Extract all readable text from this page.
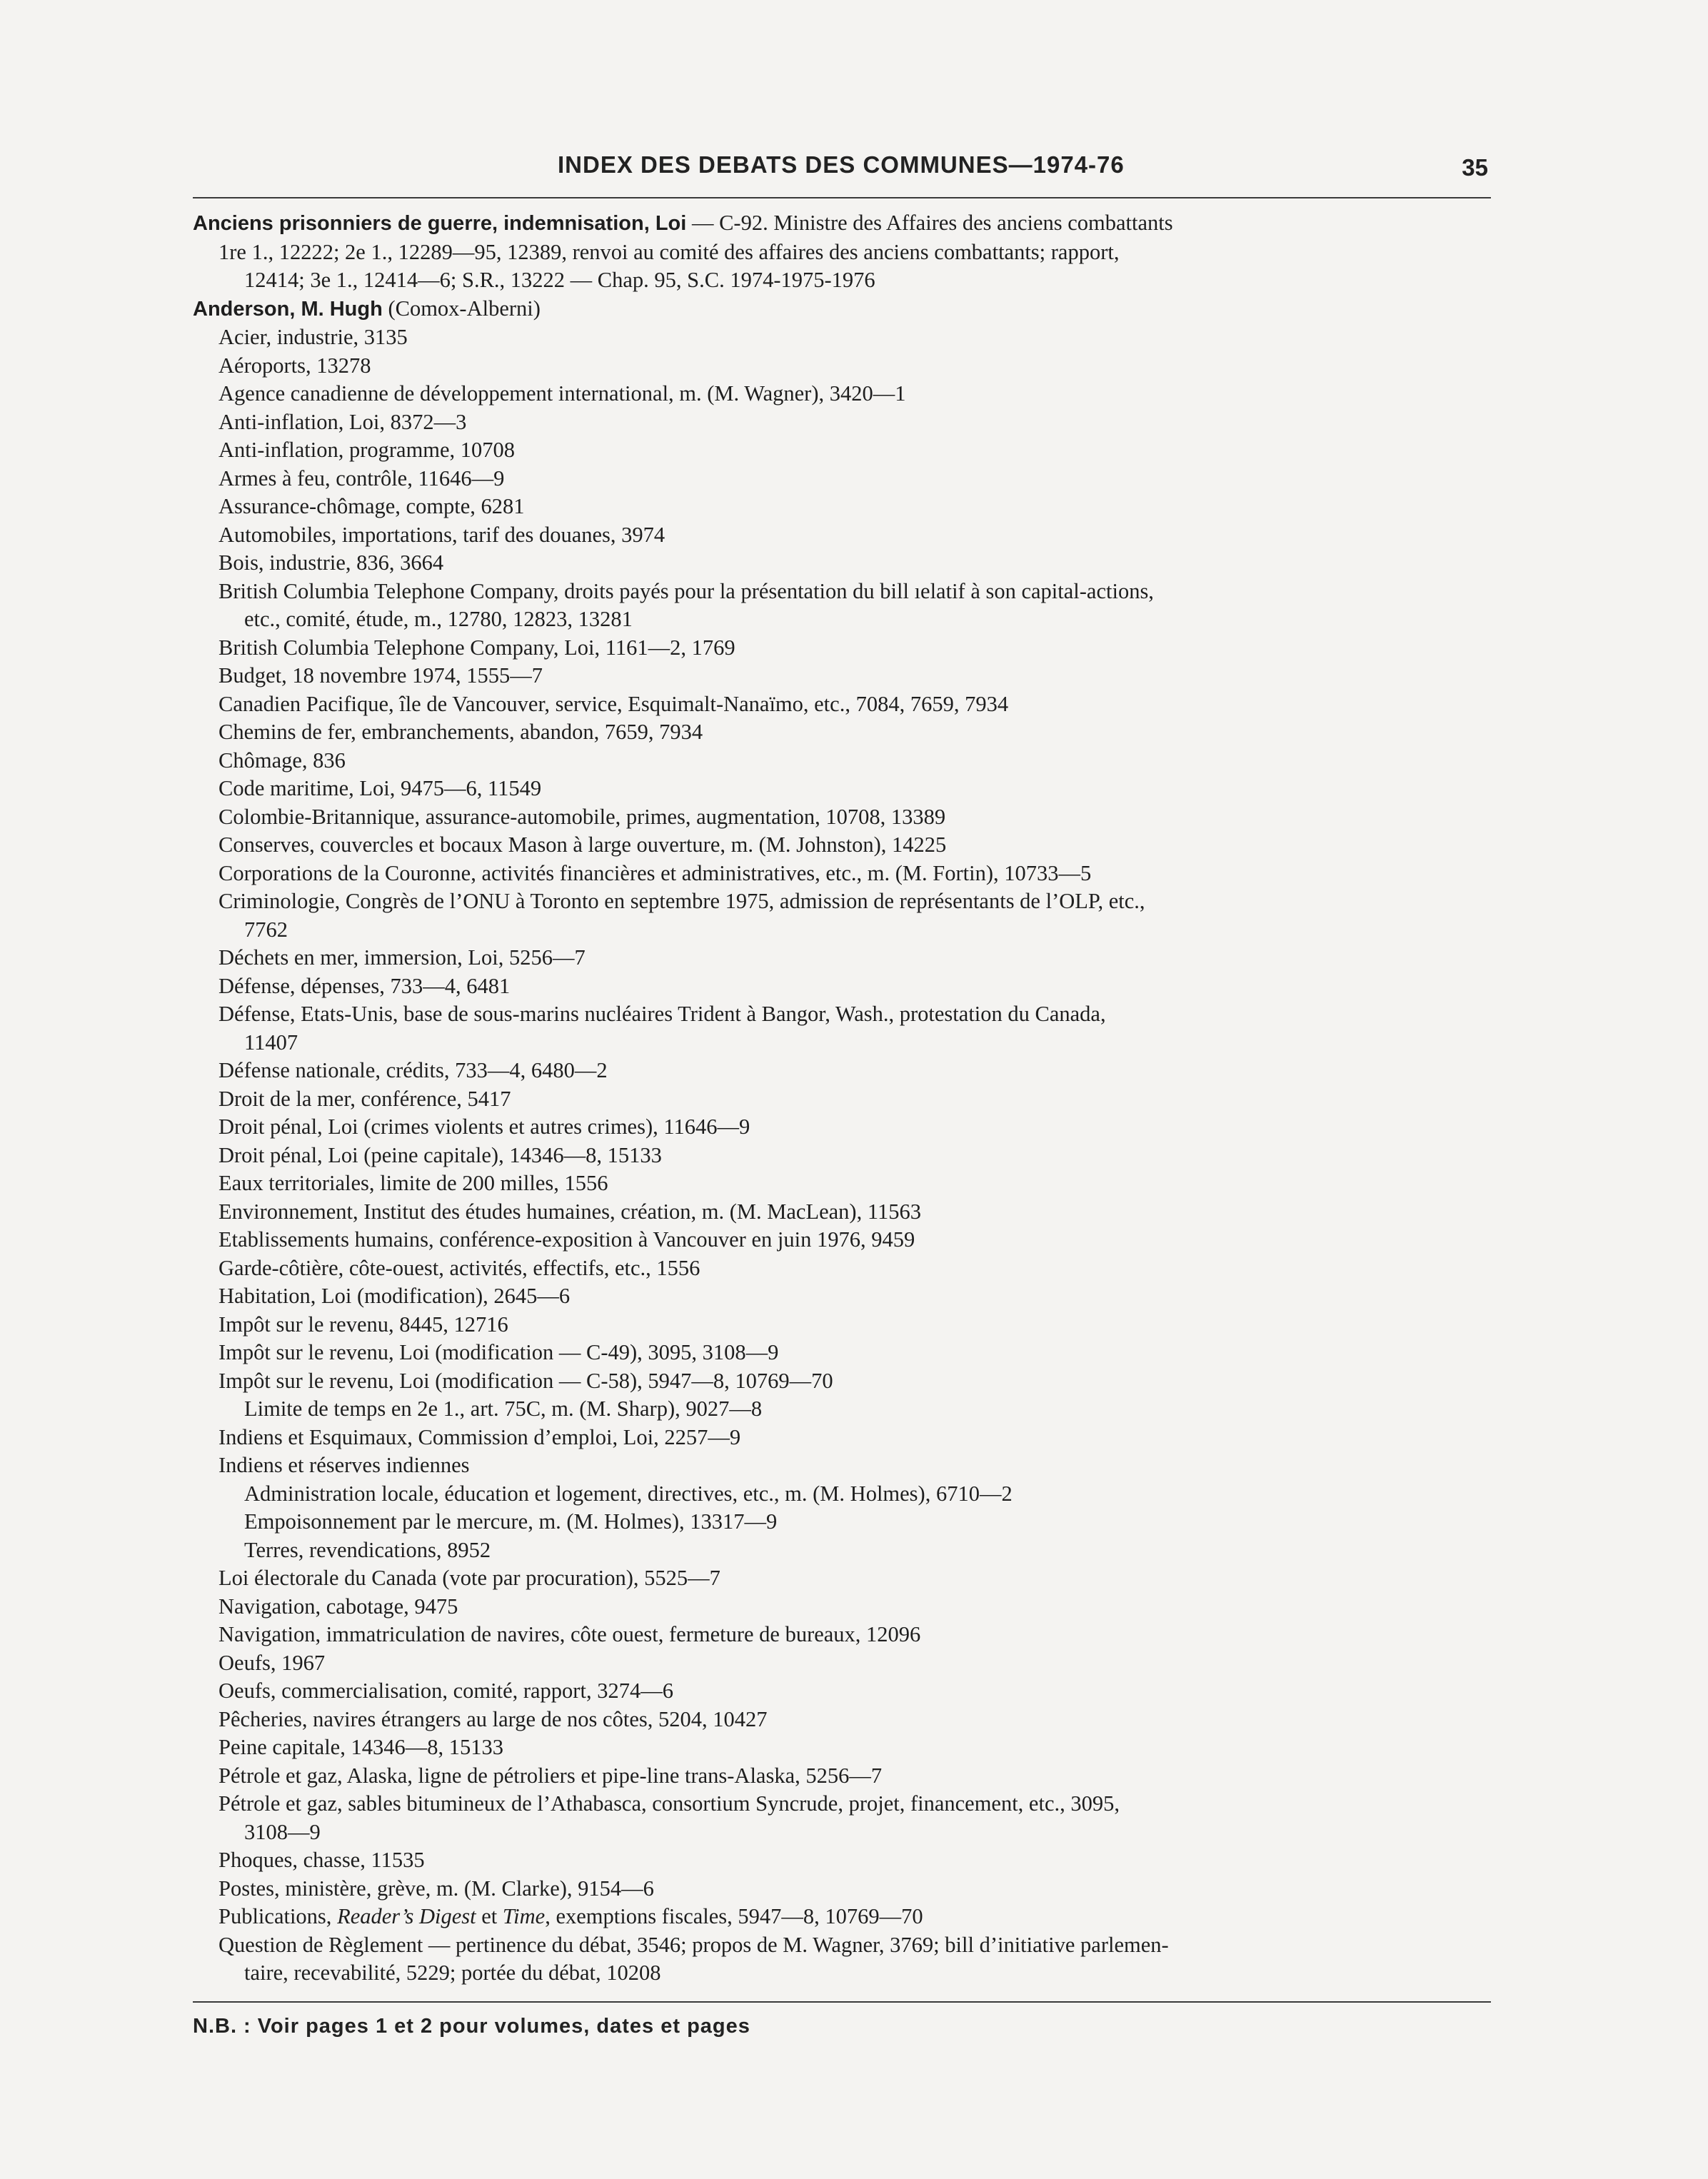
INDEX DES DEBATS DES COMMUNES—1974-76	35
Anciens prisonniers de guerre, indemnisation, Loi — C-92. Ministre des Affaires des anciens combattants
1re 1., 12222; 2e 1., 12289—95, 12389, renvoi au comité des affaires des anciens combattants; rapport,
12414; 3e 1., 12414—6; S.R., 13222 — Chap. 95, S.C. 1974-1975-1976
Anderson, M. Hugh (Comox-Alberni)
Acier, industrie, 3135
Aéroports, 13278
Agence canadienne de développement international, m. (M. Wagner), 3420—1
Anti-inflation, Loi, 8372—3
Anti-inflation, programme, 10708
Armes à feu, contrôle, 11646—9
Assurance-chômage, compte, 6281
Automobiles, importations, tarif des douanes, 3974
Bois, industrie, 836, 3664
British Columbia Telephone Company, droits payés pour la présentation du bill ıelatif à son capital-actions,
etc., comité, étude, m., 12780, 12823, 13281
British Columbia Telephone Company, Loi, 1161—2, 1769
Budget, 18 novembre 1974, 1555—7
Canadien Pacifique, île de Vancouver, service, Esquimalt-Nanaïmo, etc., 7084, 7659, 7934
Chemins de fer, embranchements, abandon, 7659, 7934
Chômage, 836
Code maritime, Loi, 9475—6, 11549
Colombie-Britannique, assurance-automobile, primes, augmentation, 10708, 13389
Conserves, couvercles et bocaux Mason à large ouverture, m. (M. Johnston), 14225
Corporations de la Couronne, activités financières et administratives, etc., m. (M. Fortin), 10733—5
Criminologie, Congrès de l’ONU à Toronto en septembre 1975, admission de représentants de l’OLP, etc.,
7762
Déchets en mer, immersion, Loi, 5256—7
Défense, dépenses, 733—4, 6481
Défense, Etats-Unis, base de sous-marins nucléaires Trident à Bangor, Wash., protestation du Canada,
11407
Défense nationale, crédits, 733—4, 6480—2
Droit de la mer, conférence, 5417
Droit pénal, Loi (crimes violents et autres crimes), 11646—9
Droit pénal, Loi (peine capitale), 14346—8, 15133
Eaux territoriales, limite de 200 milles, 1556
Environnement, Institut des études humaines, création, m. (M. MacLean), 11563
Etablissements humains, conférence-exposition à Vancouver en juin 1976, 9459
Garde-côtière, côte-ouest, activités, effectifs, etc., 1556
Habitation, Loi (modification), 2645—6
Impôt sur le revenu, 8445, 12716
Impôt sur le revenu, Loi (modification — C-49), 3095, 3108—9
Impôt sur le revenu, Loi (modification — C-58), 5947—8, 10769—70
Limite de temps en 2e 1., art. 75C, m. (M. Sharp), 9027—8
Indiens et Esquimaux, Commission d’emploi, Loi, 2257—9
Indiens et réserves indiennes
Administration locale, éducation et logement, directives, etc., m. (M. Holmes), 6710—2
Empoisonnement par le mercure, m. (M. Holmes), 13317—9
Terres, revendications, 8952
Loi électorale du Canada (vote par procuration), 5525—7
Navigation, cabotage, 9475
Navigation, immatriculation de navires, côte ouest, fermeture de bureaux, 12096
Oeufs, 1967
Oeufs, commercialisation, comité, rapport, 3274—6
Pêcheries, navires étrangers au large de nos côtes, 5204, 10427
Peine capitale, 14346—8, 15133
Pétrole et gaz, Alaska, ligne de pétroliers et pipe-line trans-Alaska, 5256—7
Pétrole et gaz, sables bitumineux de l’Athabasca, consortium Syncrude, projet, financement, etc., 3095,
3108—9
Phoques, chasse, 11535
Postes, ministère, grève, m. (M. Clarke), 9154—6
Publications, Reader’s Digest et Time, exemptions fiscales, 5947—8, 10769—70
Question de Règlement — pertinence du débat, 3546; propos de M. Wagner, 3769; bill d’initiative parlemen-
taire, recevabilité, 5229; portée du débat, 10208
N.B. : Voir pages 1 et 2 pour volumes, dates et pages
